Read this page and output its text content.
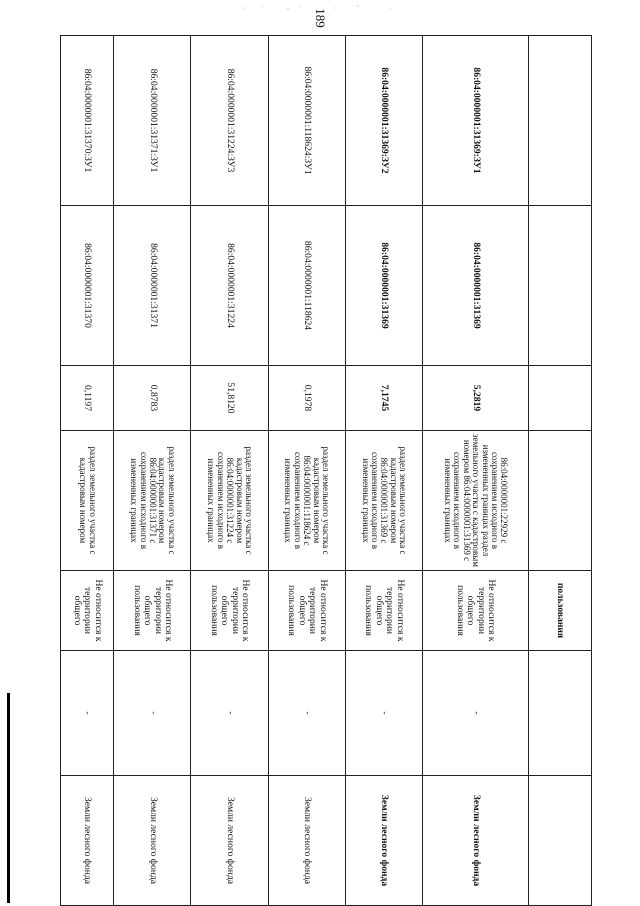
189
				пользования		
86:04:0000001:31369:ЗУ1	86:04:0000001:31369	5,2819	86:04:0000001:22929 с сохранением исходного в измененных границах раздел земельного участка с кадастровым номером 86:04:0000001:31369 с сохранением исходного в измененных границах	Не относится к территории общего пользования	-	Земли лесного фонда
86:04:0000001:31369:ЗУ2	86:04:0000001:31369	7,1745	раздел земельного участка с кадастровым номером 86:04:0000001:31369 с сохранением исходного в измененных границах	Не относится к территории общего пользования	-	Земли лесного фонда
86:04:0000001:118624:ЗУ1	86:04:0000001:118624	0,1978	раздел земельного участка с кадастровым номером 86:04:0000001:118624 с сохранением исходного в измененных границах	Не относится к территории общего пользования	-	Земли лесного фонда
86:04:0000001:31224:ЗУ3	86:04:0000001:31224	51,8120	раздел земельного участка с кадастровым номером 86:04:0000001:31224 с сохранением исходного в измененных границах	Не относится к территории общего пользования	-	Земли лесного фонда
86:04:0000001:31371:ЗУ1	86:04:0000001:31371	0,8783	раздел земельного участка с кадастровым номером 86:04:0000001:31371 с сохранением исходного в измененных границах	Не относится к территории общего пользования	-	Земли лесного фонда
86:04:0000001:31370:ЗУ1	86:04:0000001:31370	0,1197	раздел земельного участка с кадастровым номером	Не относится к территории общего	-	Земли лесного фонда
